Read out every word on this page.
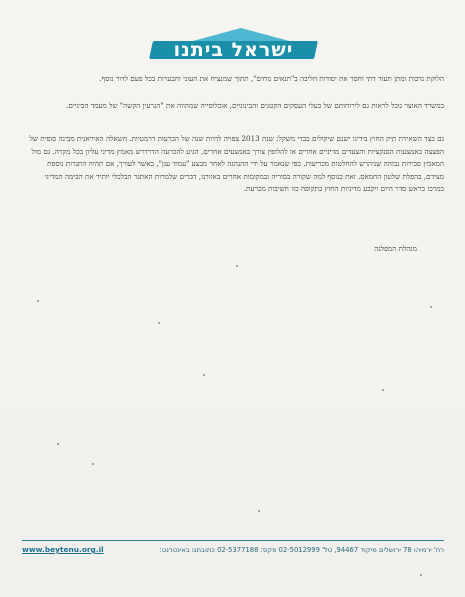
ישראל ביתנו

הלוקת נדבות ומתן תעוד דתי וחסר את יסודות הליבה ב"תנאים נוחים", תתוך שמנציח את העוני והבערות בכל פעם לדור נוסף.

במשרד האוצר נוכל לראות גם לירוחותם של בעלי העסקים הקטנים והבינוניים, אוכלוסייה שמהווה את "הגרעין הקשה" של מעמד הביניים.

גם בצד השאירת תיק החוץ בידינו ישנם שיקולים כבדי משקל: שנת 2013 צפויה להיות שנה של הכרעות דרמטיות. השאלה האיראנית מבינה סופית של הפצצה באמצעות הסנקציות והצעדים מדיניים אחרים או להלופין צורך באמצעים אחרים, הגיע להכרעה הדרדרש מאמץ מדיני עליון בכל מקרה. גם מול המאמץ סבירות גבוהה שניהרש להחלטות מכריעות, כפי שנאמר על ידי ההנהגה לאחר מבצע "עמוד ענן", באשר לעורך, אם תהיה התגרות נוספת מצידם, בהפלת שלטון החמאס. זאת בנוסף למה שקורה בסוריה ובמקומות אחרים באזורנו, דברים שלמרות האתגר הבלכלי יותיר את הבימה המדיני במרכז בראש סדר היום ויקבע מדיניות החוץ בתקופה כזו חשיבות מכרעת.

מנהלת המפלגה
רח' ירמיהו 78 ירושלים מיקוד 94467, טל' 02-5012999 פקס: 02-5377188 כתובתנו באינטרנט:
www.beytenu.org.il
